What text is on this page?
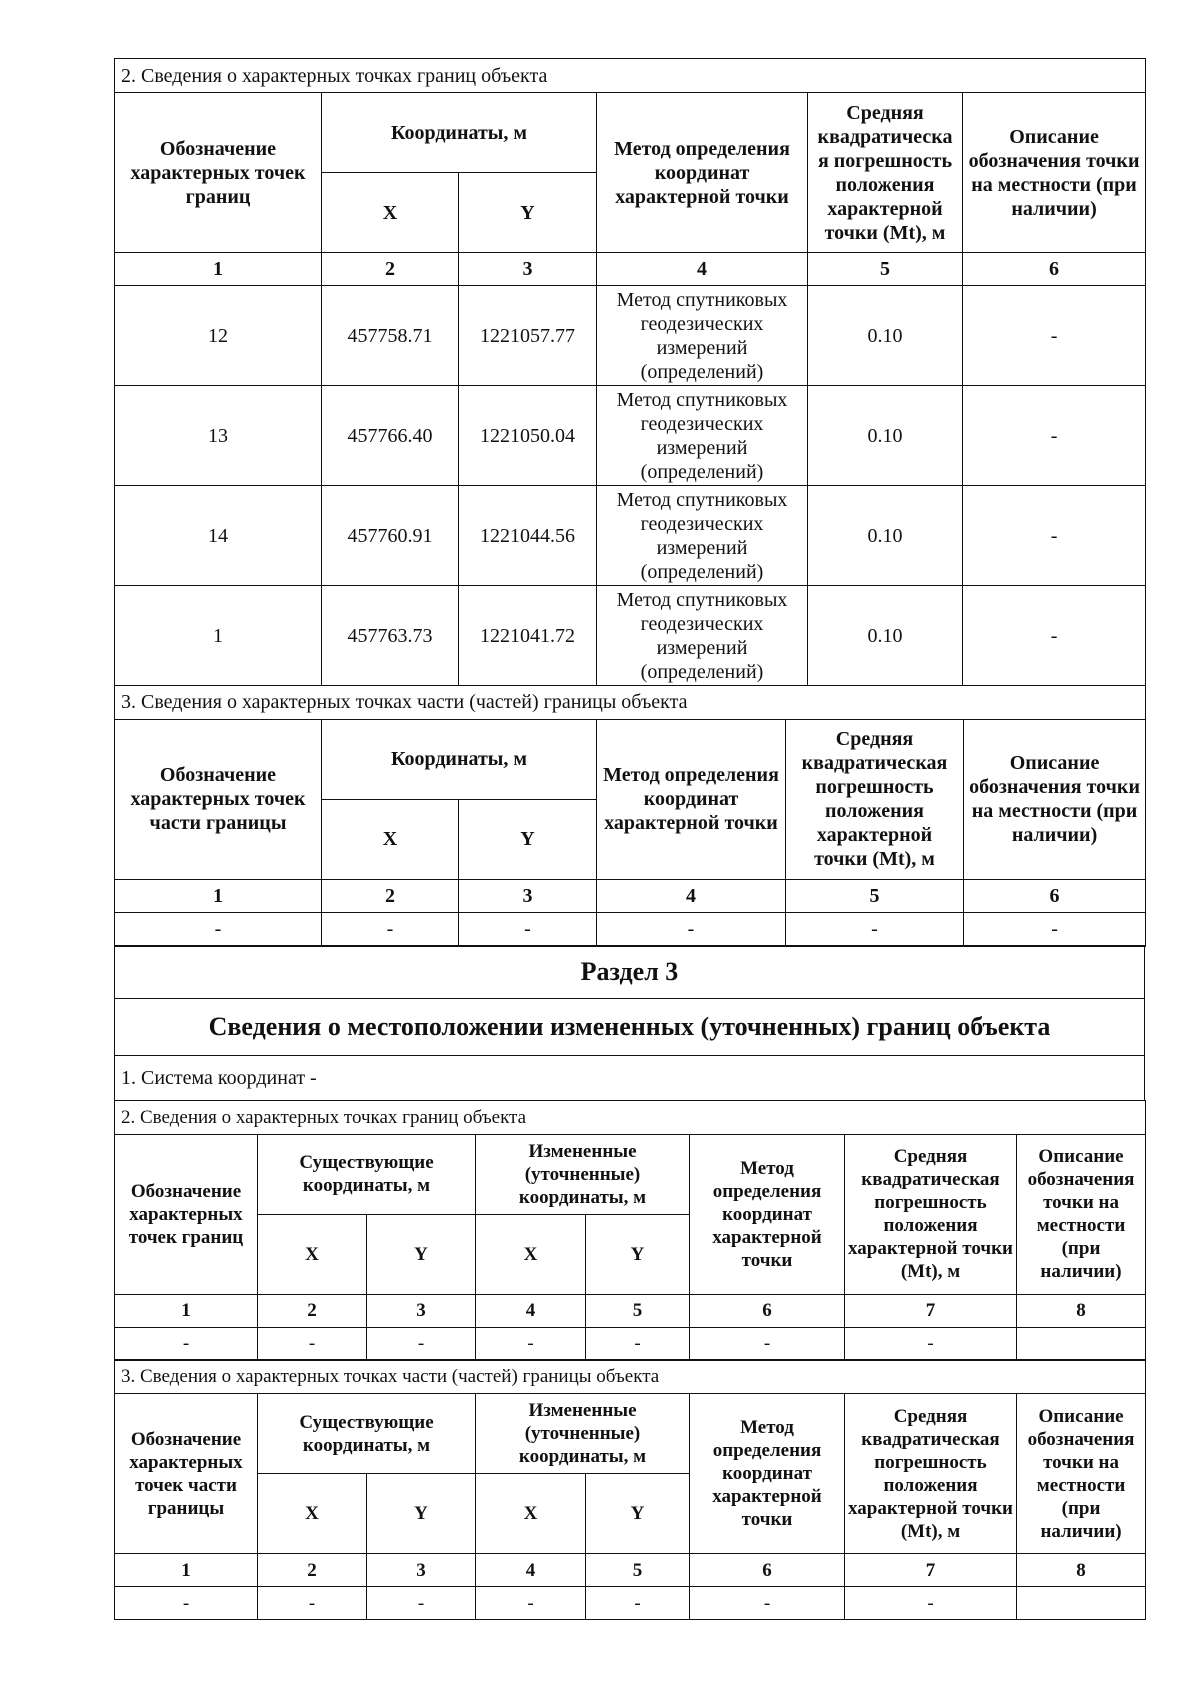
2. Сведения о характерных точках границ объекта					
Обозначение характерных точек границ	Координаты, м		Метод определения координат характерной точки	Средняя квадратическа я погрешность положения характерной точки (Mt), м	Описание обозначения точки на местности (при наличии)
	X	Y			
1	2	3	4	5	6
12	457758.71	1221057.77	Метод спутниковых геодезических измерений (определений)	0.10	-
13	457766.40	1221050.04	Метод спутниковых геодезических измерений (определений)	0.10	-
14	457760.91	1221044.56	Метод спутниковых геодезических измерений (определений)	0.10	-
1	457763.73	1221041.72	Метод спутниковых геодезических измерений (определений)	0.10	-
3. Сведения о характерных точках части (частей) границы объекта					
Обозначение характерных точек части границы	Координаты, м		Метод определения координат характерной точки	Средняя квадратическая погрешность положения характерной точки (Mt), м	Описание обозначения точки на местности (при наличии)
	X	Y			
1	2	3	4	5	6
-	-	-	-	-	-
Раздел 3
Сведения о местоположении измененных (уточненных) границ объекта
1. Система координат -
2. Сведения о характерных точках границ объекта							
Обозначение характерных точек границ	Существующие координаты, м		Измененные (уточненные) координаты, м		Метод определения координат характерной точки	Средняя квадратическая погрешность положения характерной точки (Mt), м	Описание обозначения точки на местности (при наличии)
	X	Y	X	Y			
1	2	3	4	5	6	7	8
-	-	-	-	-	-	-	
3. Сведения о характерных точках части (частей) границы объекта							
Обозначение характерных точек части границы	Существующие координаты, м		Измененные (уточненные) координаты, м		Метод определения координат характерной точки	Средняя квадратическая погрешность положения характерной точки (Mt), м	Описание обозначения точки на местности (при наличии)
	X	Y	X	Y			
1	2	3	4	5	6	7	8
-	-	-	-	-	-	-	
